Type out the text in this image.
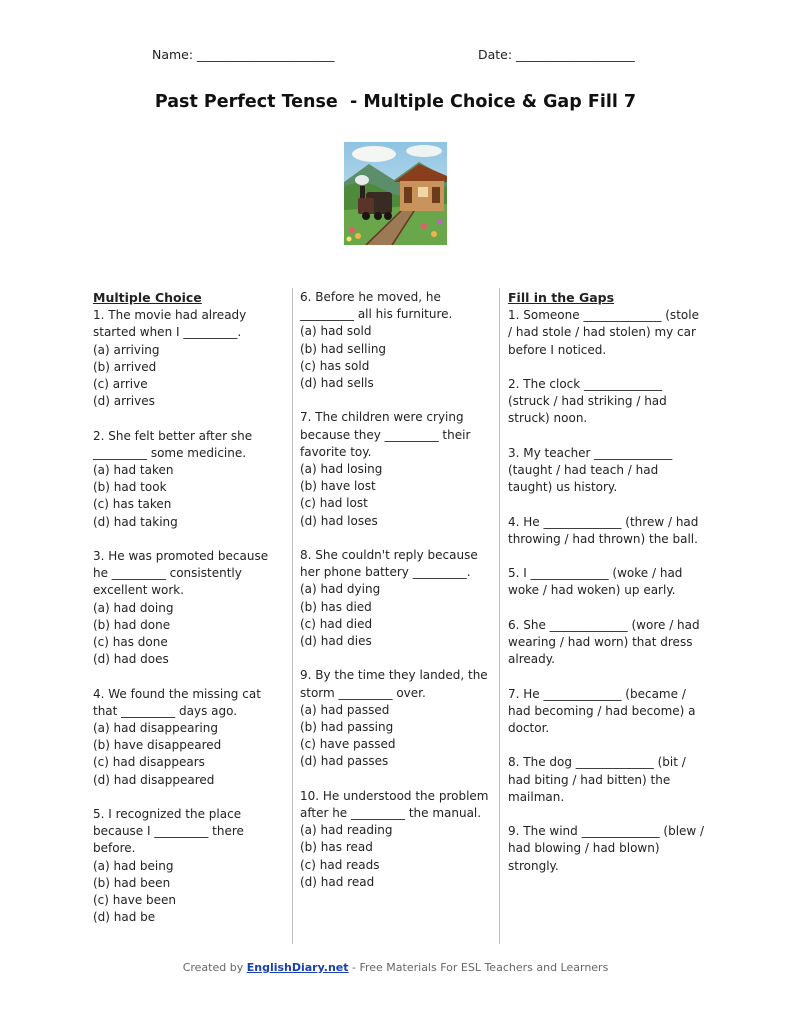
Name: ______________________	Date: ___________________
Past Perfect Tense  - Multiple Choice & Gap Fill 7
Multiple Choice
1. The movie had already started when I _________.
(a) arriving
(b) arrived
(c) arrive
(d) arrives
2. She felt better after she _________ some medicine.
(a) had taken
(b) had took
(c) has taken
(d) had taking
3. He was promoted because he _________ consistently excellent work.
(a) had doing
(b) had done
(c) has done
(d) had does
4. We found the missing cat that _________ days ago.
(a) had disappearing
(b) have disappeared
(c) had disappears
(d) had disappeared
5. I recognized the place because I _________ there before.
(a) had being
(b) had been
(c) have been
(d) had be
6. Before he moved, he _________ all his furniture.
(a) had sold
(b) had selling
(c) has sold
(d) had sells
7. The children were crying because they _________ their favorite toy.
(a) had losing
(b) have lost
(c) had lost
(d) had loses
8. She couldn't reply because her phone battery _________.
(a) had dying
(b) has died
(c) had died
(d) had dies
9. By the time they landed, the storm _________ over.
(a) had passed
(b) had passing
(c) have passed
(d) had passes
10. He understood the problem after he _________ the manual.
(a) had reading
(b) has read
(c) had reads
(d) had read
Fill in the Gaps
1. Someone _____________ (stole / had stole / had stolen) my car before I noticed.
2. The clock _____________ (struck / had striking / had struck) noon.
3. My teacher _____________ (taught / had teach / had taught) us history.
4. He _____________ (threw / had throwing / had thrown) the ball.
5. I _____________ (woke / had woke / had woken) up early.
6. She _____________ (wore / had wearing / had worn) that dress already.
7. He _____________ (became / had becoming / had become) a doctor.
8. The dog _____________ (bit / had biting / had bitten) the mailman.
9. The wind _____________ (blew / had blowing / had blown) strongly.
Created by EnglishDiary.net - Free Materials For ESL Teachers and Learners
